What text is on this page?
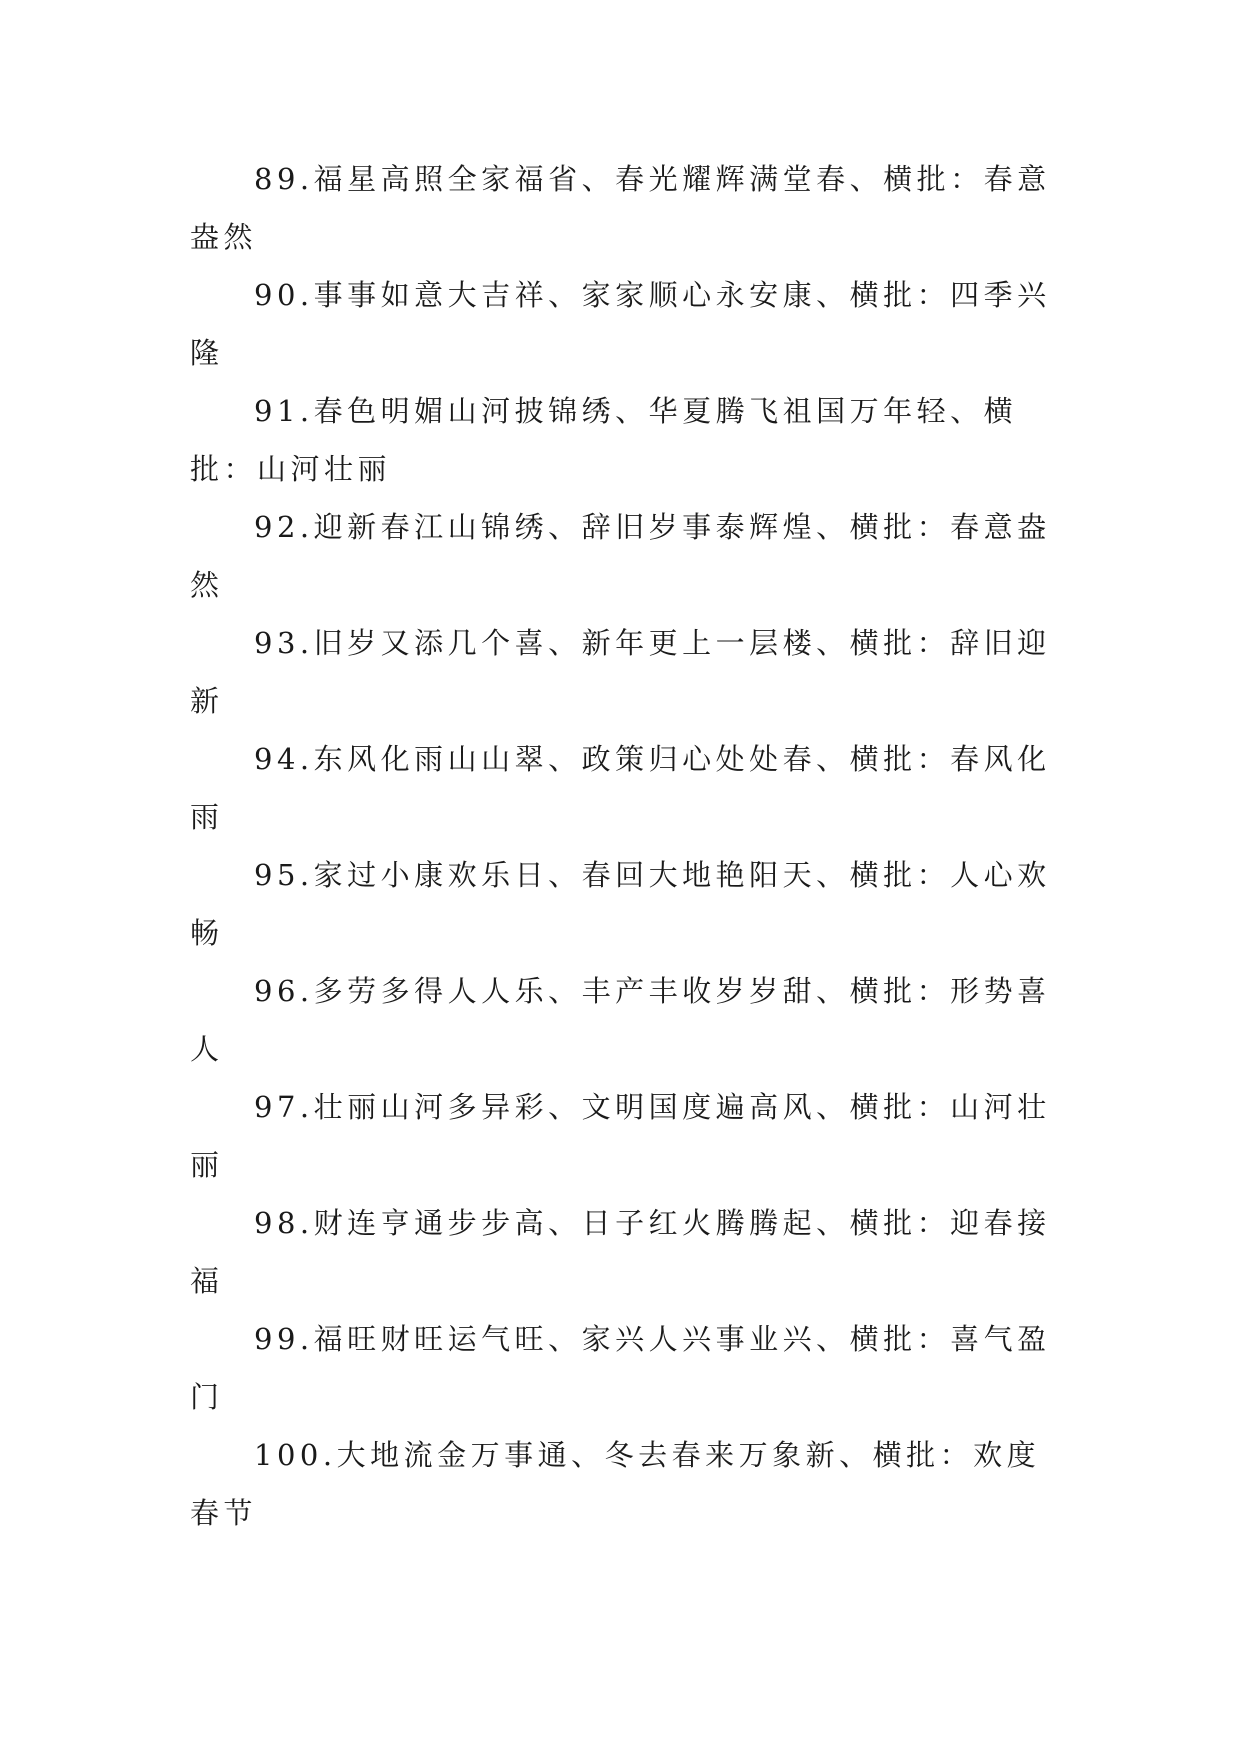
89.福星高照全家福省、春光耀辉满堂春、横批：春意盎然

90.事事如意大吉祥、家家顺心永安康、横批：四季兴隆

91.春色明媚山河披锦绣、华夏腾飞祖国万年轻、横批：山河壮丽

92.迎新春江山锦绣、辞旧岁事泰辉煌、横批：春意盎然

93.旧岁又添几个喜、新年更上一层楼、横批：辞旧迎新

94.东风化雨山山翠、政策归心处处春、横批：春风化雨

95.家过小康欢乐日、春回大地艳阳天、横批：人心欢畅

96.多劳多得人人乐、丰产丰收岁岁甜、横批：形势喜人

97.壮丽山河多异彩、文明国度遍高风、横批：山河壮丽

98.财连亨通步步高、日子红火腾腾起、横批：迎春接福

99.福旺财旺运气旺、家兴人兴事业兴、横批：喜气盈门

100.大地流金万事通、冬去春来万象新、横批：欢度春节
